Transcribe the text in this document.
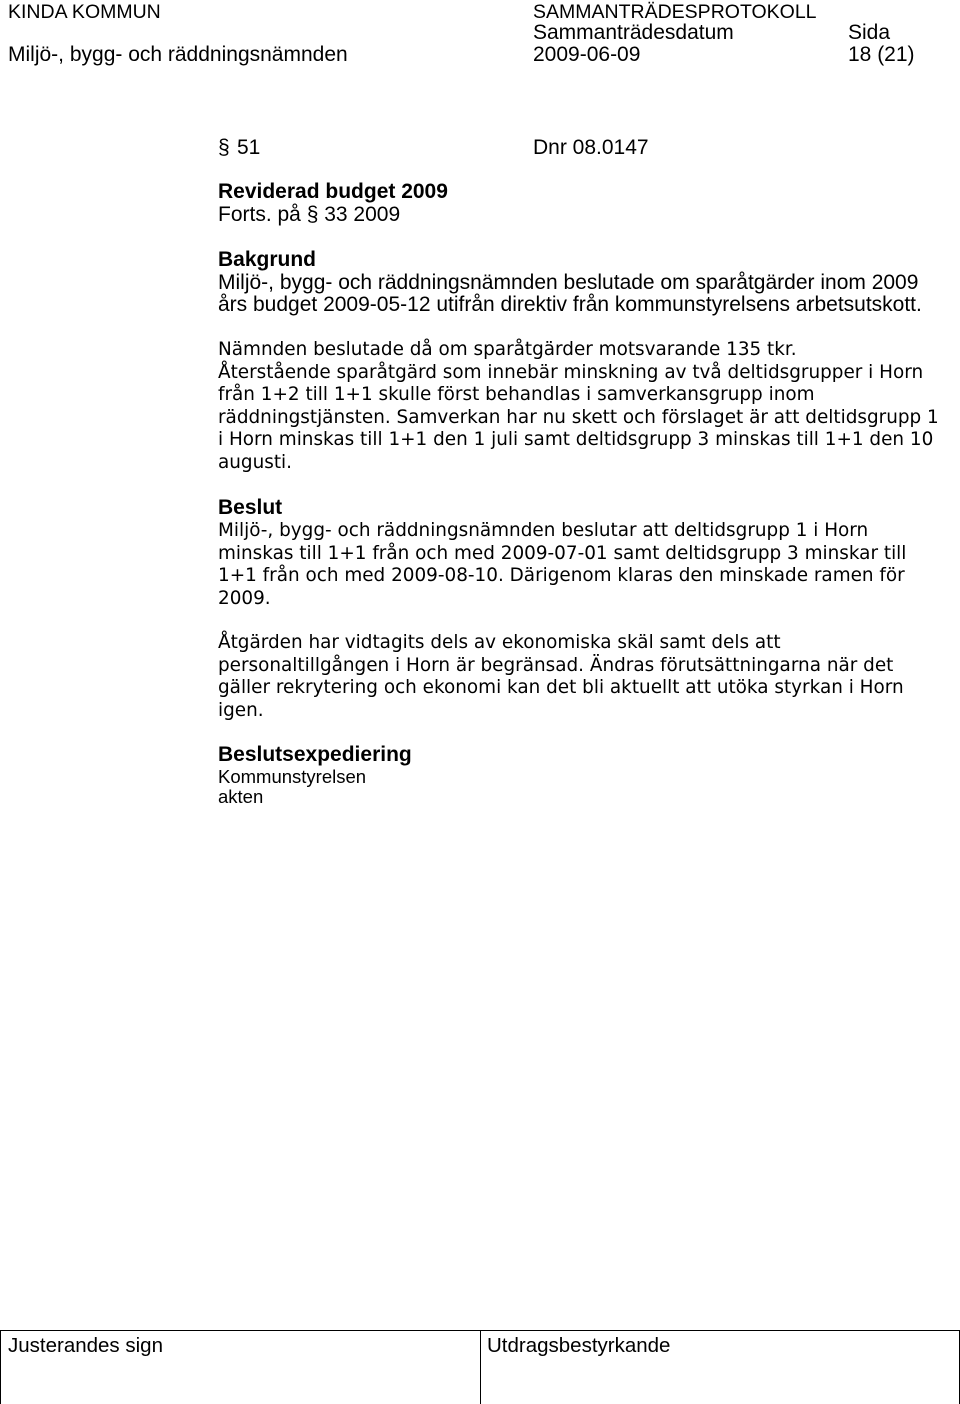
KINDA KOMMUN	SAMMANTRÄDESPROTOKOLL
Sammanträdesdatum	Sida
Miljö-, bygg- och räddningsnämnden	2009-06-09	18 (21)
§ 51	Dnr 08.0147
Reviderad budget 2009
Forts. på § 33 2009
Bakgrund
Miljö-, bygg- och räddningsnämnden beslutade om sparåtgärder inom 2009
års budget 2009-05-12 utifrån direktiv från kommunstyrelsens arbetsutskott.
Nämnden beslutade då om sparåtgärder motsvarande 135 tkr.
Återstående sparåtgärd som innebär minskning av två deltidsgrupper i Horn
från 1+2 till 1+1 skulle först behandlas i samverkansgrupp inom
räddningstjänsten. Samverkan har nu skett och förslaget är att deltidsgrupp 1
i Horn minskas till 1+1 den 1 juli samt deltidsgrupp 3 minskas till 1+1 den 10
augusti.
Beslut
Miljö-, bygg- och räddningsnämnden beslutar att deltidsgrupp 1 i Horn
minskas till 1+1 från och med 2009-07-01 samt deltidsgrupp 3 minskar till
1+1 från och med 2009-08-10. Därigenom klaras den minskade ramen för
2009.
Åtgärden har vidtagits dels av ekonomiska skäl samt dels att
personaltillgången i Horn är begränsad. Ändras förutsättningarna när det
gäller rekrytering och ekonomi kan det bli aktuellt att utöka styrkan i Horn
igen.
Beslutsexpediering
Kommunstyrelsen
akten
Justerandes sign	Utdragsbestyrkande
